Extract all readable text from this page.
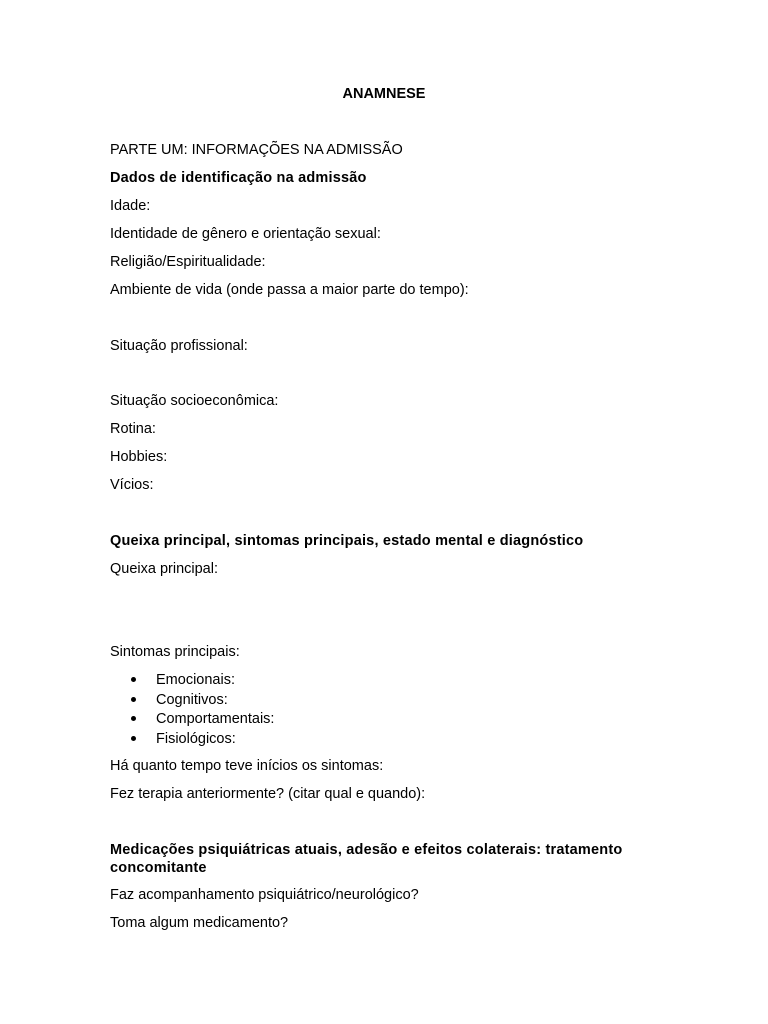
ANAMNESE
PARTE UM: INFORMAÇÕES NA ADMISSÃO
Dados de identificação na admissão
Idade:
Identidade de gênero e orientação sexual:
Religião/Espiritualidade:
Ambiente de vida (onde passa a maior parte do tempo):
Situação profissional:
Situação socioeconômica:
Rotina:
Hobbies:
Vícios:
Queixa principal, sintomas principais, estado mental e diagnóstico
Queixa principal:
Sintomas principais:
Emocionais:
Cognitivos:
Comportamentais:
Fisiológicos:
Há quanto tempo teve inícios os sintomas:
Fez terapia anteriormente? (citar qual e quando):
Medicações psiquiátricas atuais, adesão e efeitos colaterais: tratamento concomitante
Faz acompanhamento psiquiátrico/neurológico?
Toma algum medicamento?
